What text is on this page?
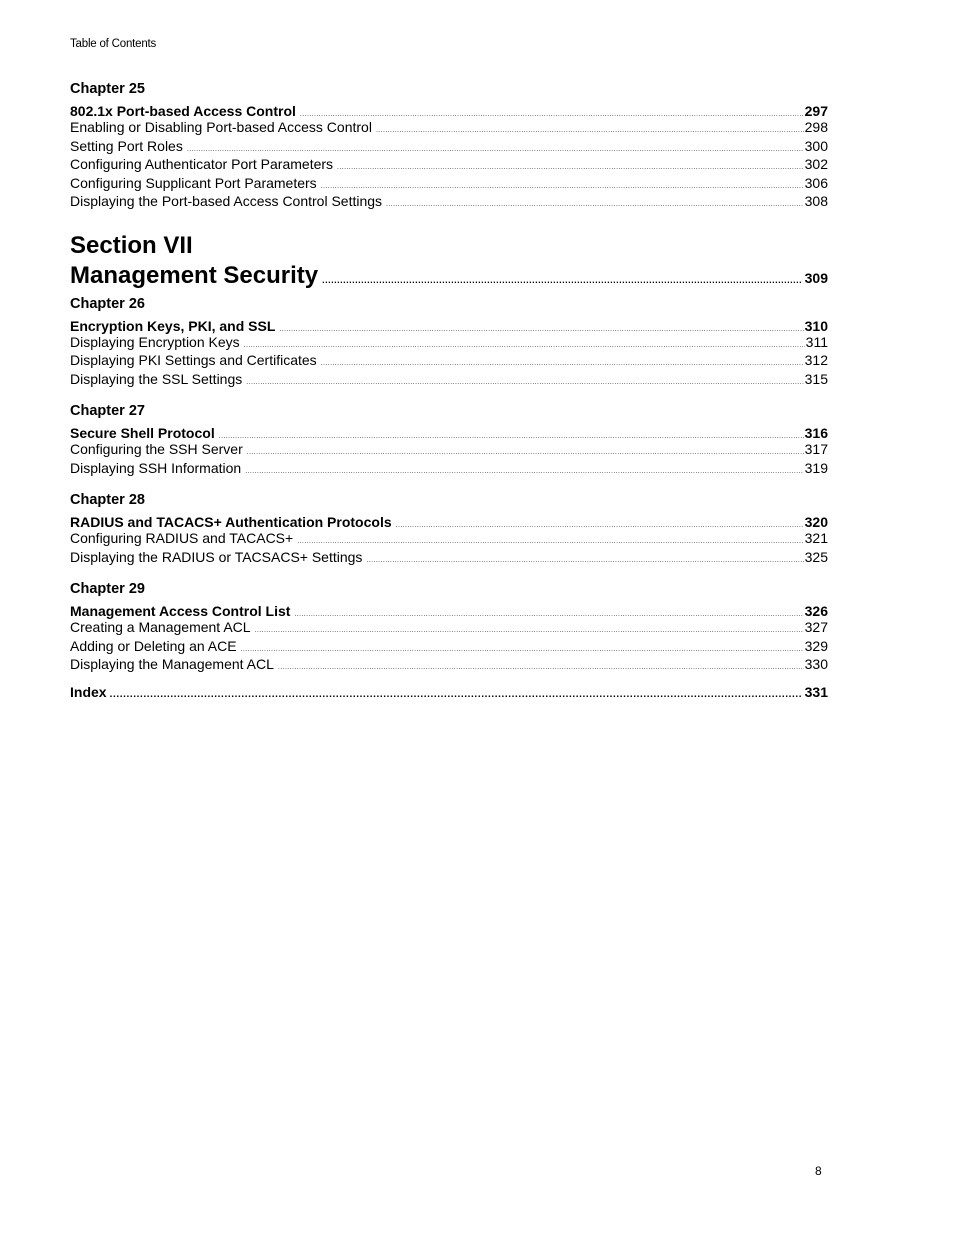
Table of Contents
Chapter 25
802.1x Port-based Access Control .....	297
Enabling or Disabling Port-based Access Control .....	298
Setting Port Roles .....	300
Configuring Authenticator Port Parameters .....	302
Configuring Supplicant Port Parameters .....	306
Displaying the Port-based Access Control Settings .....	308
Section VII
Management Security .....	309
Chapter 26
Encryption Keys, PKI, and SSL .....	310
Displaying Encryption Keys .....	311
Displaying PKI Settings and Certificates .....	312
Displaying the SSL Settings .....	315
Chapter 27
Secure Shell Protocol .....	316
Configuring the SSH Server .....	317
Displaying SSH Information .....	319
Chapter 28
RADIUS and TACACS+ Authentication Protocols .....	320
Configuring RADIUS and TACACS+ .....	321
Displaying the RADIUS or TACSACS+ Settings .....	325
Chapter 29
Management Access Control List .....	326
Creating a Management ACL .....	327
Adding or Deleting an ACE .....	329
Displaying the Management ACL .....	330
Index .....	331
8
